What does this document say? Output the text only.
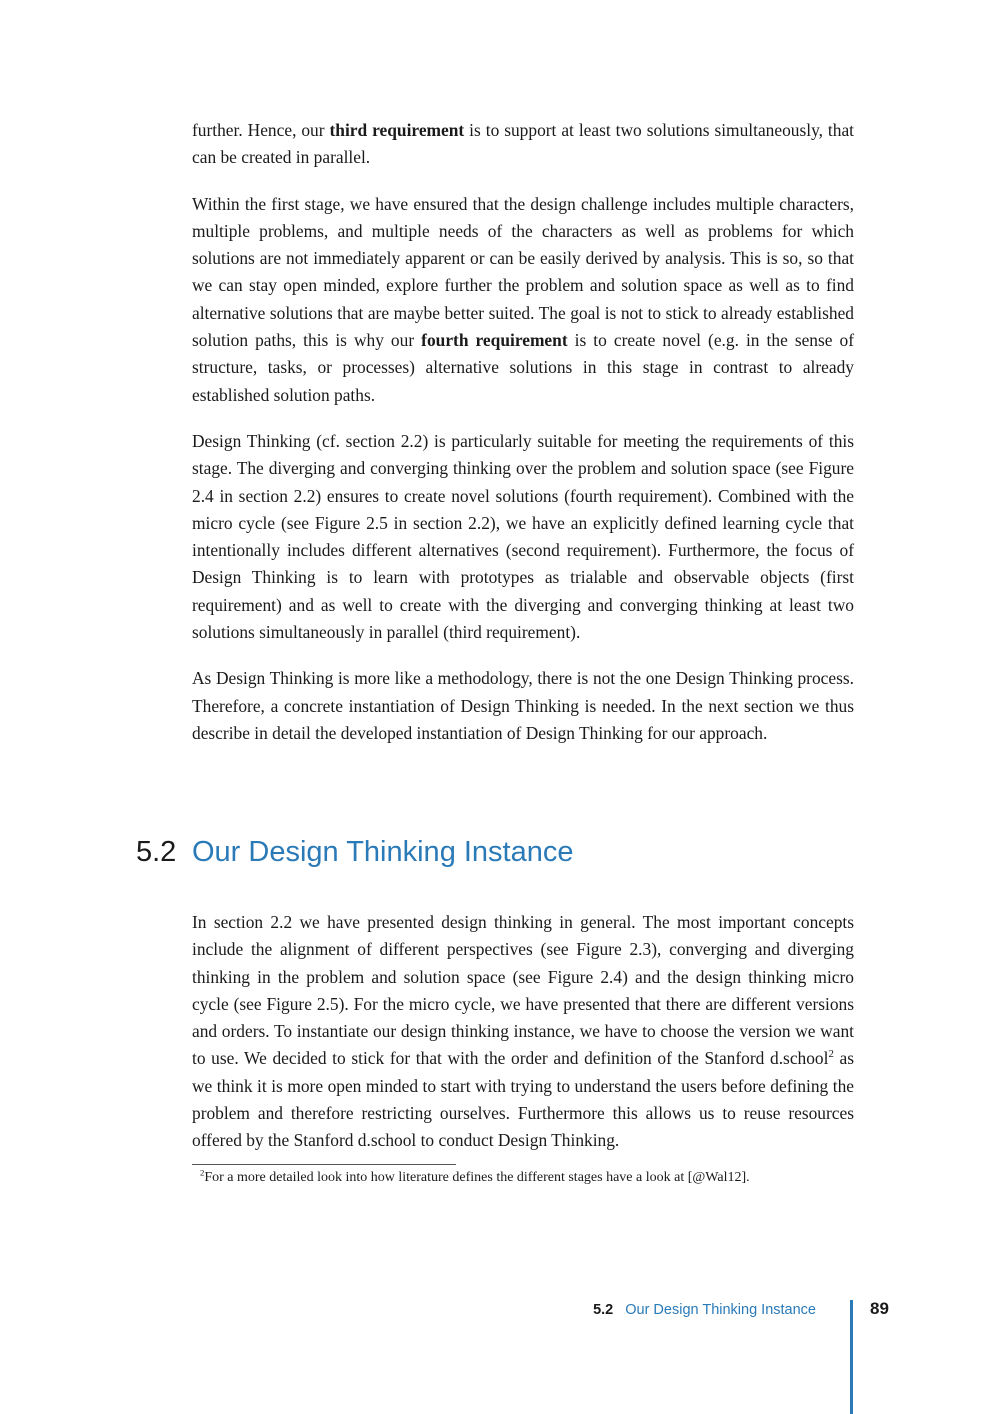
further. Hence, our third requirement is to support at least two solutions simultaneously, that can be created in parallel.

Within the first stage, we have ensured that the design challenge includes multiple characters, multiple problems, and multiple needs of the characters as well as problems for which solutions are not immediately apparent or can be easily derived by analysis. This is so, so that we can stay open minded, explore further the problem and solution space as well as to find alternative solutions that are maybe better suited. The goal is not to stick to already established solution paths, this is why our fourth requirement is to create novel (e.g. in the sense of structure, tasks, or processes) alternative solutions in this stage in contrast to already established solution paths.

Design Thinking (cf. section 2.2) is particularly suitable for meeting the requirements of this stage. The diverging and converging thinking over the problem and solution space (see Figure 2.4 in section 2.2) ensures to create novel solutions (fourth requirement). Combined with the micro cycle (see Figure 2.5 in section 2.2), we have an explicitly defined learning cycle that intentionally includes different alternatives (second requirement). Furthermore, the focus of Design Thinking is to learn with prototypes as trialable and observable objects (first requirement) and as well to create with the diverging and converging thinking at least two solutions simultaneously in parallel (third requirement).

As Design Thinking is more like a methodology, there is not the one Design Thinking process. Therefore, a concrete instantiation of Design Thinking is needed. In the next section we thus describe in detail the developed instantiation of Design Thinking for our approach.

5.2 Our Design Thinking Instance

In section 2.2 we have presented design thinking in general. The most important concepts include the alignment of different perspectives (see Figure 2.3), converging and diverging thinking in the problem and solution space (see Figure 2.4) and the design thinking micro cycle (see Figure 2.5). For the micro cycle, we have presented that there are different versions and orders. To instantiate our design thinking instance, we have to choose the version we want to use. We decided to stick for that with the order and definition of the Stanford d.school$^2$ as we think it is more open minded to start with trying to understand the users before defining the problem and therefore restricting ourselves. Furthermore this allows us to reuse resources offered by the Stanford d.school to conduct Design Thinking.

$^2$For a more detailed look into how literature defines the different stages have a look at [@Wal12].
5.2 Our Design Thinking Instance	89
